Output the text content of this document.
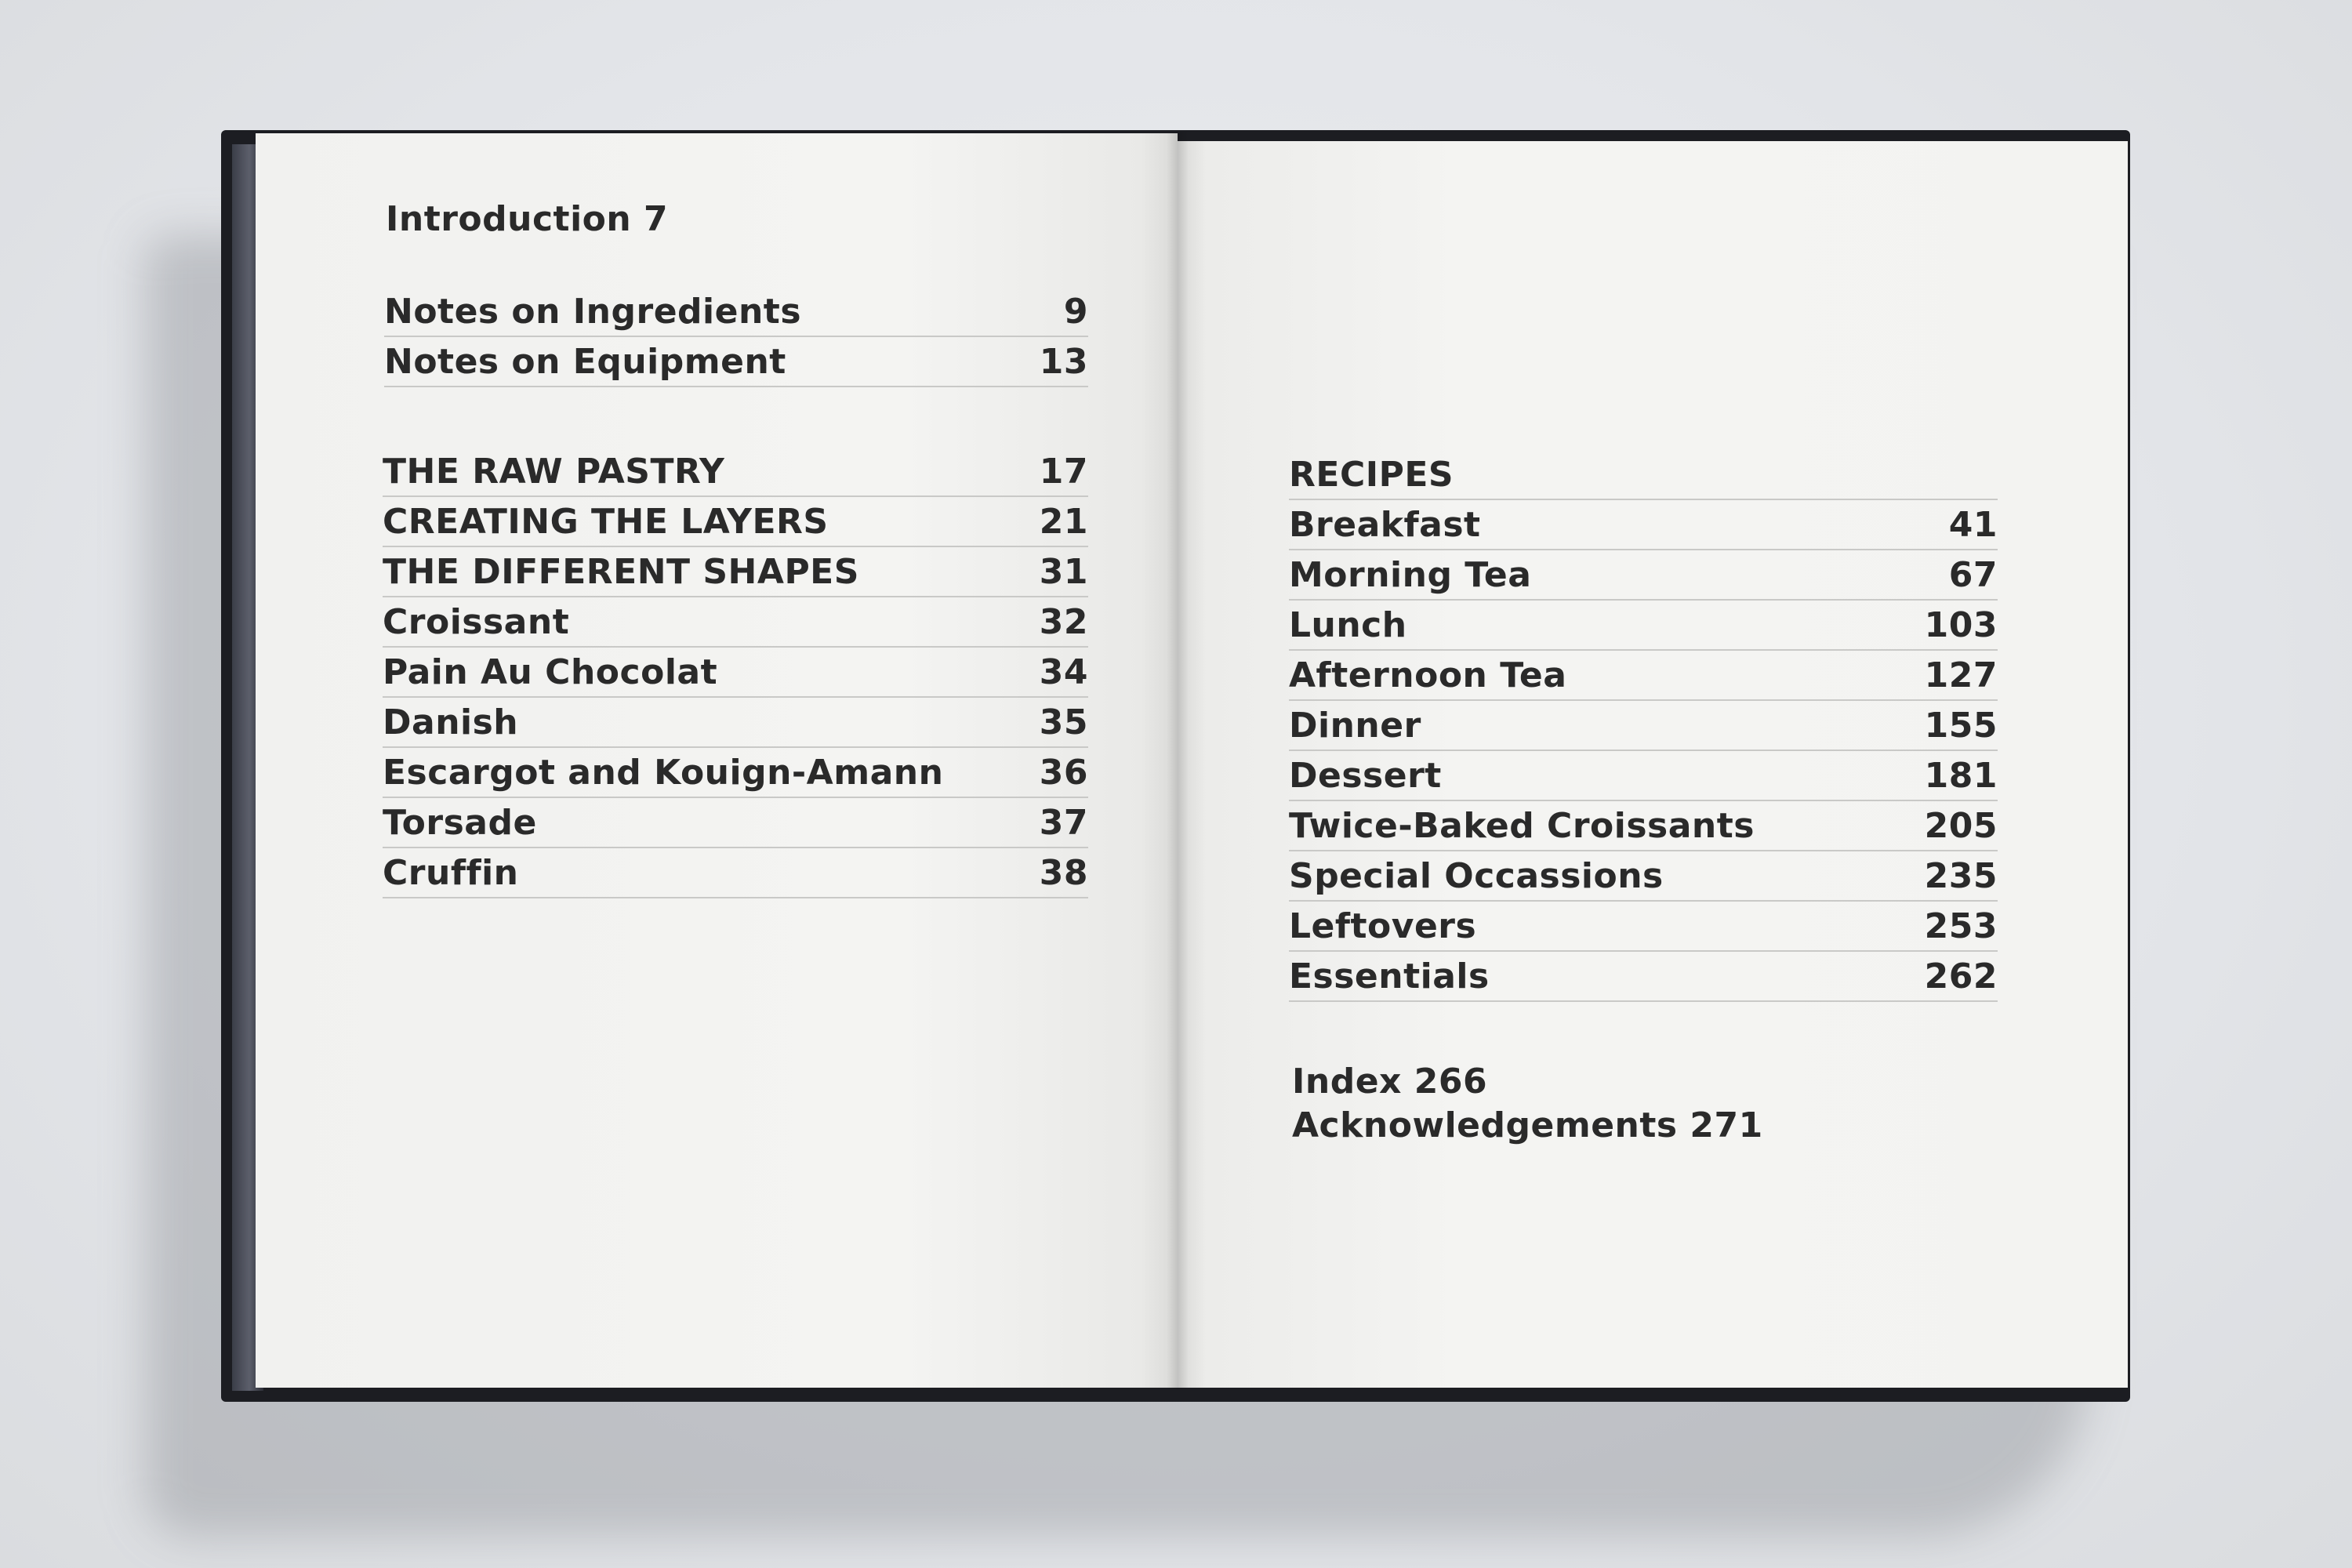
Introduction 7
Notes on Ingredients	9
Notes on Equipment	13
THE RAW PASTRY	17
CREATING THE LAYERS	21
THE DIFFERENT SHAPES	31
Croissant	32
Pain Au Chocolat	34
Danish	35
Escargot and Kouign-Amann	36
Torsade	37
Cruffin	38
RECIPES
Breakfast	41
Morning Tea	67
Lunch	103
Afternoon Tea	127
Dinner	155
Dessert	181
Twice-Baked Croissants	205
Special Occassions	235
Leftovers	253
Essentials	262
Index 266
Acknowledgements 271
